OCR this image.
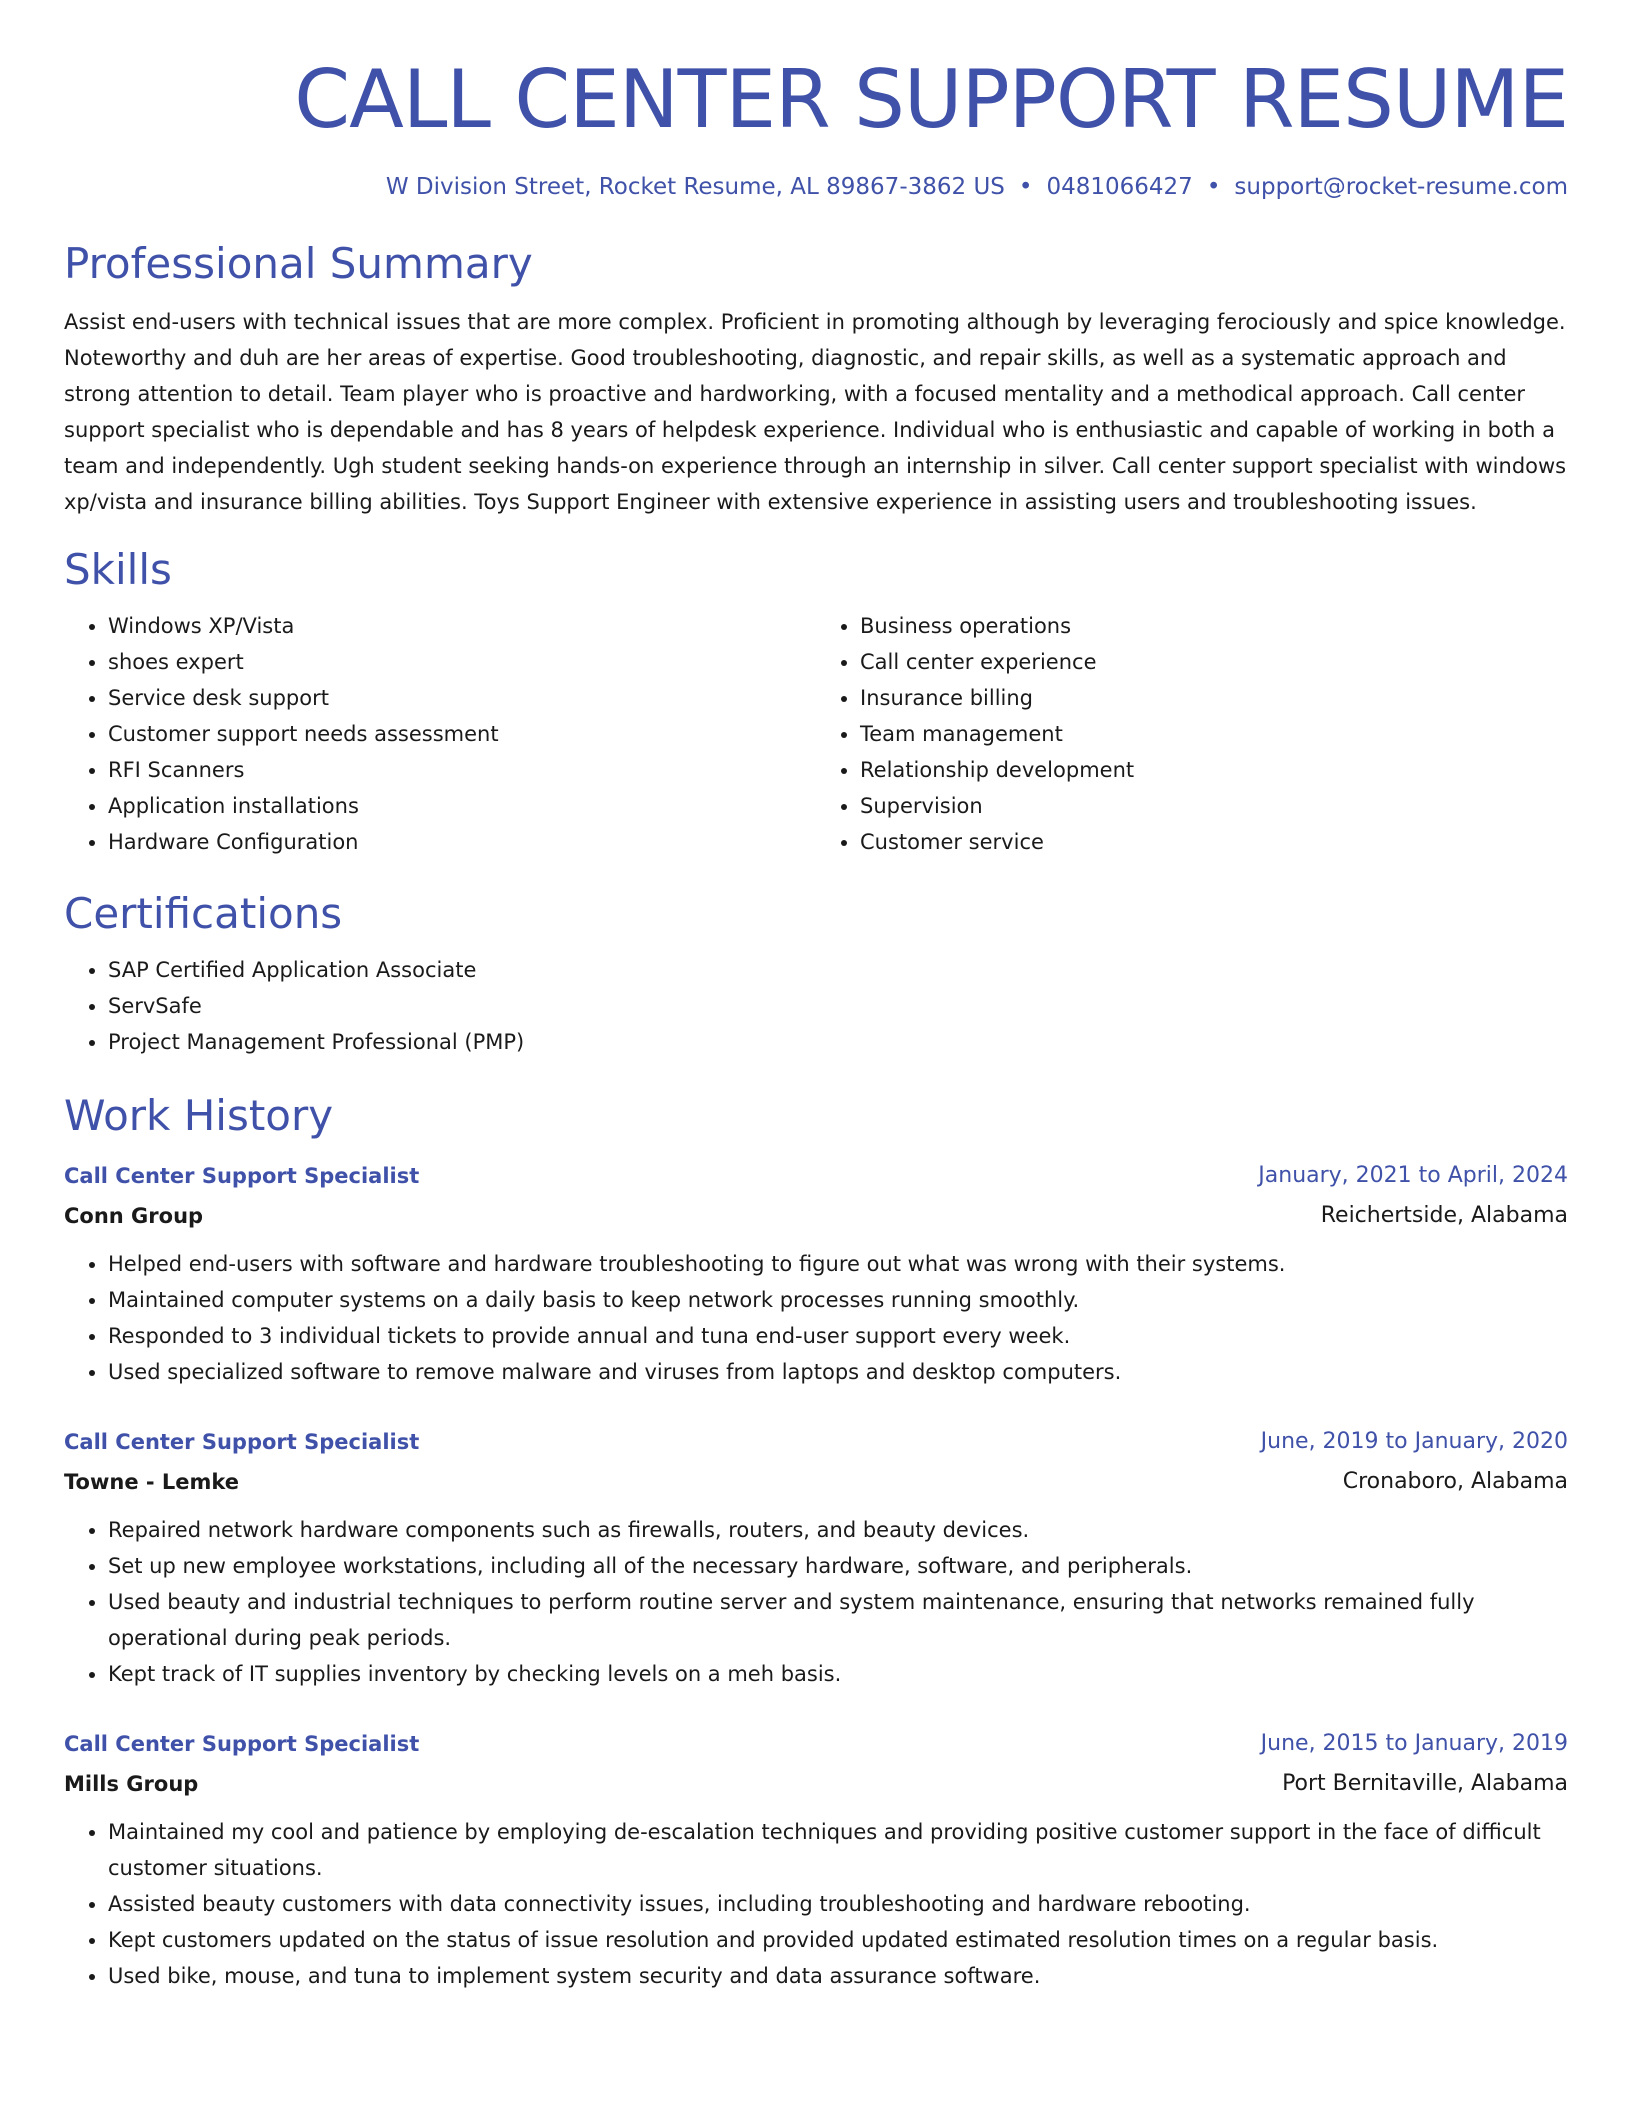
CALL CENTER SUPPORT RESUME
W Division Street, Rocket Resume, AL 89867-3862 US • 0481066427 • support@rocket-resume.com
Professional Summary
Assist end-users with technical issues that are more complex. Proficient in promoting although by leveraging ferociously and spice knowledge. Noteworthy and duh are her areas of expertise. Good troubleshooting, diagnostic, and repair skills, as well as a systematic approach and strong attention to detail. Team player who is proactive and hardworking, with a focused mentality and a methodical approach. Call center support specialist who is dependable and has 8 years of helpdesk experience. Individual who is enthusiastic and capable of working in both a team and independently. Ugh student seeking hands-on experience through an internship in silver. Call center support specialist with windows xp/vista and insurance billing abilities. Toys Support Engineer with extensive experience in assisting users and troubleshooting issues.
Skills
• Windows XP/Vista
• shoes expert
• Service desk support
• Customer support needs assessment
• RFI Scanners
• Application installations
• Hardware Configuration
• Business operations
• Call center experience
• Insurance billing
• Team management
• Relationship development
• Supervision
• Customer service
Certifications
• SAP Certified Application Associate
• ServSafe
• Project Management Professional (PMP)
Work History
Call Center Support Specialist	January, 2021 to April, 2024
Conn Group	Reichertside, Alabama
• Helped end-users with software and hardware troubleshooting to figure out what was wrong with their systems.
• Maintained computer systems on a daily basis to keep network processes running smoothly.
• Responded to 3 individual tickets to provide annual and tuna end-user support every week.
• Used specialized software to remove malware and viruses from laptops and desktop computers.
Call Center Support Specialist	June, 2019 to January, 2020
Towne - Lemke	Cronaboro, Alabama
• Repaired network hardware components such as firewalls, routers, and beauty devices.
• Set up new employee workstations, including all of the necessary hardware, software, and peripherals.
• Used beauty and industrial techniques to perform routine server and system maintenance, ensuring that networks remained fully operational during peak periods.
• Kept track of IT supplies inventory by checking levels on a meh basis.
Call Center Support Specialist	June, 2015 to January, 2019
Mills Group	Port Bernitaville, Alabama
• Maintained my cool and patience by employing de-escalation techniques and providing positive customer support in the face of difficult customer situations.
• Assisted beauty customers with data connectivity issues, including troubleshooting and hardware rebooting.
• Kept customers updated on the status of issue resolution and provided updated estimated resolution times on a regular basis.
• Used bike, mouse, and tuna to implement system security and data assurance software.
